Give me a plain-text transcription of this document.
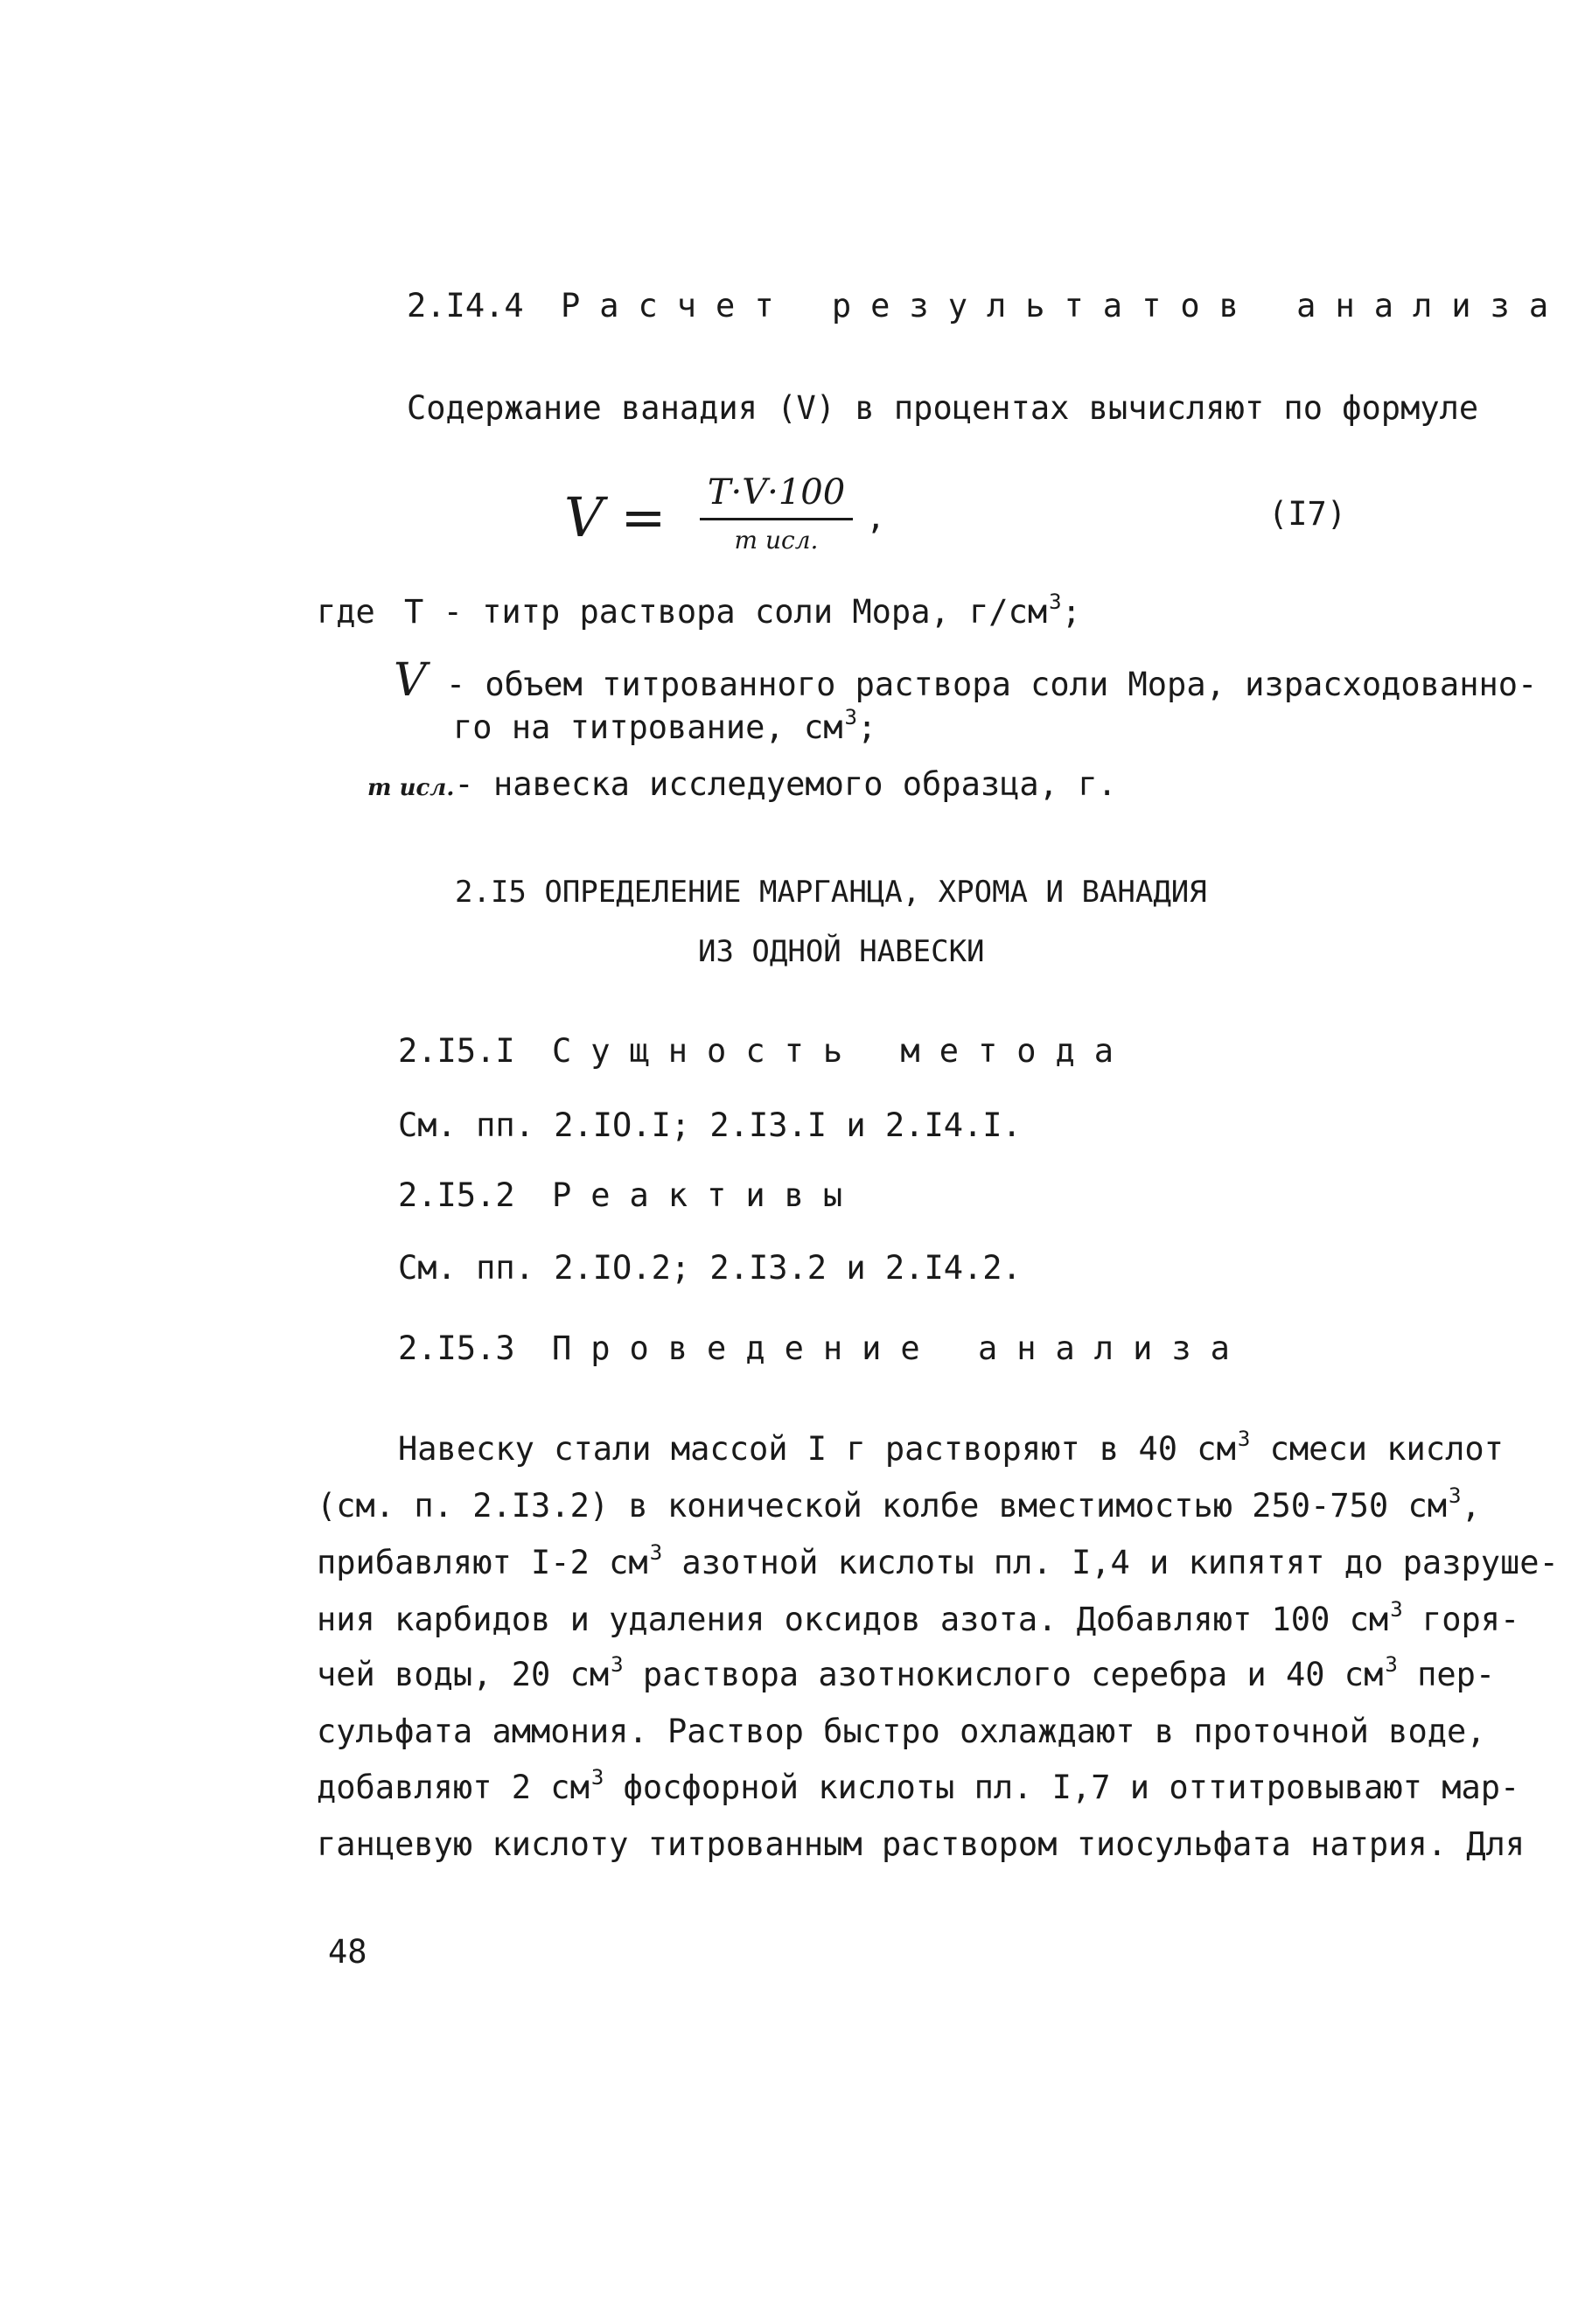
2.I4.4 Расчет результатов анализа
Содержание ванадия (V) в процентах вычисляют по формуле
V = T·V·100
m исл.
,	(I7)
где T - титр раствора соли Мора, $г/см^3$;
V - объем титрованного раствора соли Мора, израсходованно-
го на титрование, $см^3$;
m исл.- навеска исследуемого образца, г.
2.I5 ОПРЕДЕЛЕНИЕ МАРГАНЦА, ХРОМА И ВАНАДИЯ
ИЗ ОДНОЙ НАВЕСКИ
2.I5.I Сущность метода
См. пп. 2.IO.I; 2.I3.I и 2.I4.I.
2.I5.2 Реактивы
См. пп. 2.IO.2; 2.I3.2 и 2.I4.2.
2.I5.3 Проведение анализа
Навеску стали массой I г растворяют в 40 $см^3$ смеси кислот
(см. п. 2.I3.2) в конической колбе вместимостью 250-750 $см^3$,
прибавляют I-2 $см^3$ азотной кислоты пл. I,4 и кипятят до разруше-
ния карбидов и удаления оксидов азота. Добавляют 100 $см^3$ горя-
чей воды, 20 $см^3$ раствора азотнокислого серебра и 40 $см^3$ пер-
сульфата аммония. Раствор быстро охлаждают в проточной воде,
добавляют 2 $см^3$ фосфорной кислоты пл. I,7 и оттитровывают мар-
ганцевую кислоту титрованным раствором тиосульфата натрия. Для
48
